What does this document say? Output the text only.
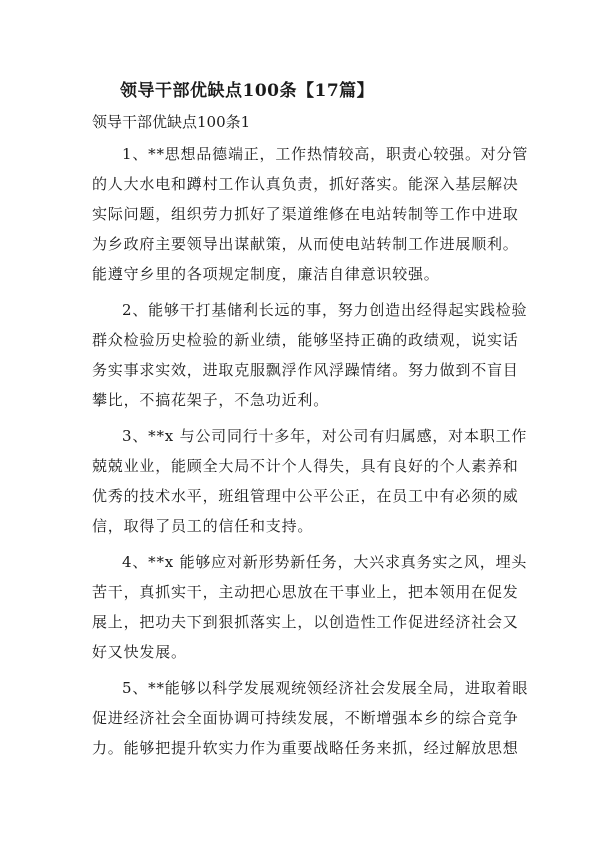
领导干部优缺点100条【17篇】
领导干部优缺点100条1
1、**思想品德端正，工作热情较高，职责心较强。对分管
的人大水电和蹲村工作认真负责，抓好落实。能深入基层解决
实际问题，组织劳力抓好了渠道维修在电站转制等工作中进取
为乡政府主要领导出谋献策，从而使电站转制工作进展顺利。
能遵守乡里的各项规定制度，廉洁自律意识较强。
2、能够干打基储利长远的事，努力创造出经得起实践检验
群众检验历史检验的新业绩，能够坚持正确的政绩观，说实话
务实事求实效，进取克服飘浮作风浮躁情绪。努力做到不盲目
攀比，不搞花架子，不急功近利。
3、**x 与公司同行十多年，对公司有归属感，对本职工作
兢兢业业，能顾全大局不计个人得失，具有良好的个人素养和
优秀的技术水平，班组管理中公平公正，在员工中有必须的威
信，取得了员工的信任和支持。
4、**x 能够应对新形势新任务，大兴求真务实之风，埋头
苦干，真抓实干，主动把心思放在干事业上，把本领用在促发
展上，把功夫下到狠抓落实上，以创造性工作促进经济社会又
好又快发展。
5、**能够以科学发展观统领经济社会发展全局，进取着眼
促进经济社会全面协调可持续发展，不断增强本乡的综合竞争
力。能够把提升软实力作为重要战略任务来抓，经过解放思想
